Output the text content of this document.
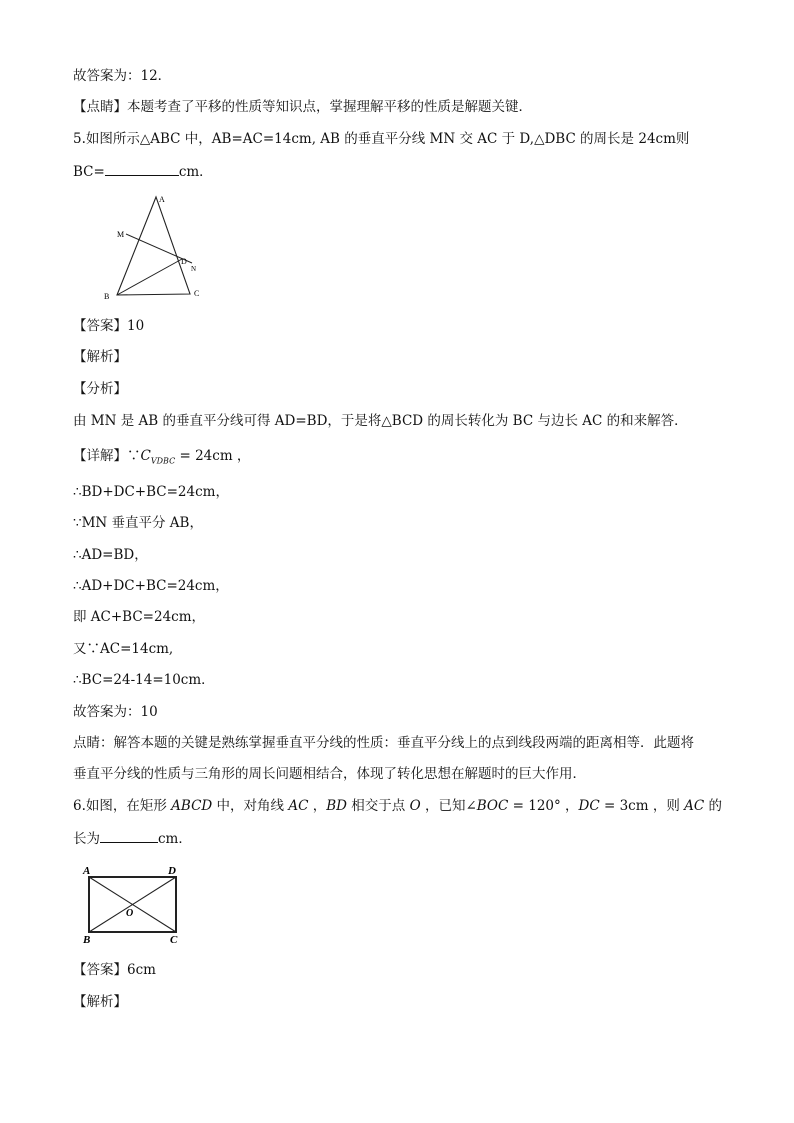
故答案为：12．
【点睛】本题考查了平移的性质等知识点，掌握理解平移的性质是解题关键．
5.如图所示△ABC 中，AB=AC=14cm, AB 的垂直平分线 MN 交 AC 于 D,△DBC 的周长是 24cm则
BC=	cm．
A
M
D
N
B	C
【答案】10
【解析】
【分析】
由 MN 是 AB 的垂直平分线可得 AD=BD，于是将△BCD 的周长转化为 BC 与边长 AC 的和来解答．
【详解】$\because C_{VDBC} = 24cm$ ，
∴BD+DC+BC=24cm，
∵MN 垂直平分 AB，
∴AD=BD，
∴AD+DC+BC=24cm，
即 AC+BC=24cm，
又∵AC=14cm,
∴BC=24-14=10cm．
故答案为：10
点睛：解答本题的关键是熟练掌握垂直平分线的性质：垂直平分线上的点到线段两端的距离相等．此题将
垂直平分线的性质与三角形的周长问题相结合，体现了转化思想在解题时的巨大作用．
6.如图，在矩形 ABCD 中，对角线 AC ，BD 相交于点 O ，已知∠BOC = 120° ，DC = 3cm ，则 AC 的
长为	cm．
A	D
O
B	C
【答案】6cm
【解析】
